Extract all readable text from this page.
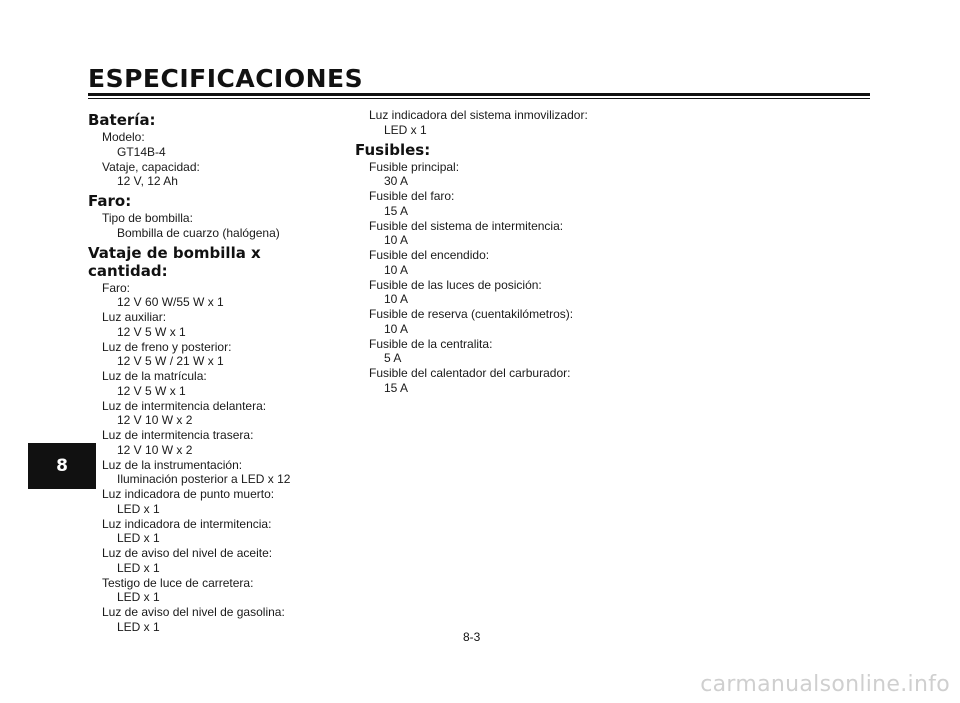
ESPECIFICACIONES
Batería:
Modelo:
GT14B-4
Vataje, capacidad:
12 V, 12 Ah
Faro:
Tipo de bombilla:
Bombilla de cuarzo (halógena)
Vataje de bombilla x cantidad:
Faro:
12 V 60 W/55 W x 1
Luz auxiliar:
12 V 5 W x 1
Luz de freno y posterior:
12 V 5 W / 21 W x 1
Luz de la matrícula:
12 V 5 W x 1
Luz de intermitencia delantera:
12 V 10 W x 2
Luz de intermitencia trasera:
12 V 10 W x 2
Luz de la instrumentación:
Iluminación posterior a LED x 12
Luz indicadora de punto muerto:
LED x 1
Luz indicadora de intermitencia:
LED x 1
Luz de aviso del nivel de aceite:
LED x 1
Testigo de luce de carretera:
LED x 1
Luz de aviso del nivel de gasolina:
LED x 1
Luz indicadora del sistema inmovilizador:
LED x 1
Fusibles:
Fusible principal:
30 A
Fusible del faro:
15 A
Fusible del sistema de intermitencia:
10 A
Fusible del encendido:
10 A
Fusible de las luces de posición:
10 A
Fusible de reserva (cuentakilómetros):
10 A
Fusible de la centralita:
5 A
Fusible del calentador del carburador:
15 A
8
8-3
carmanualsonline.info
